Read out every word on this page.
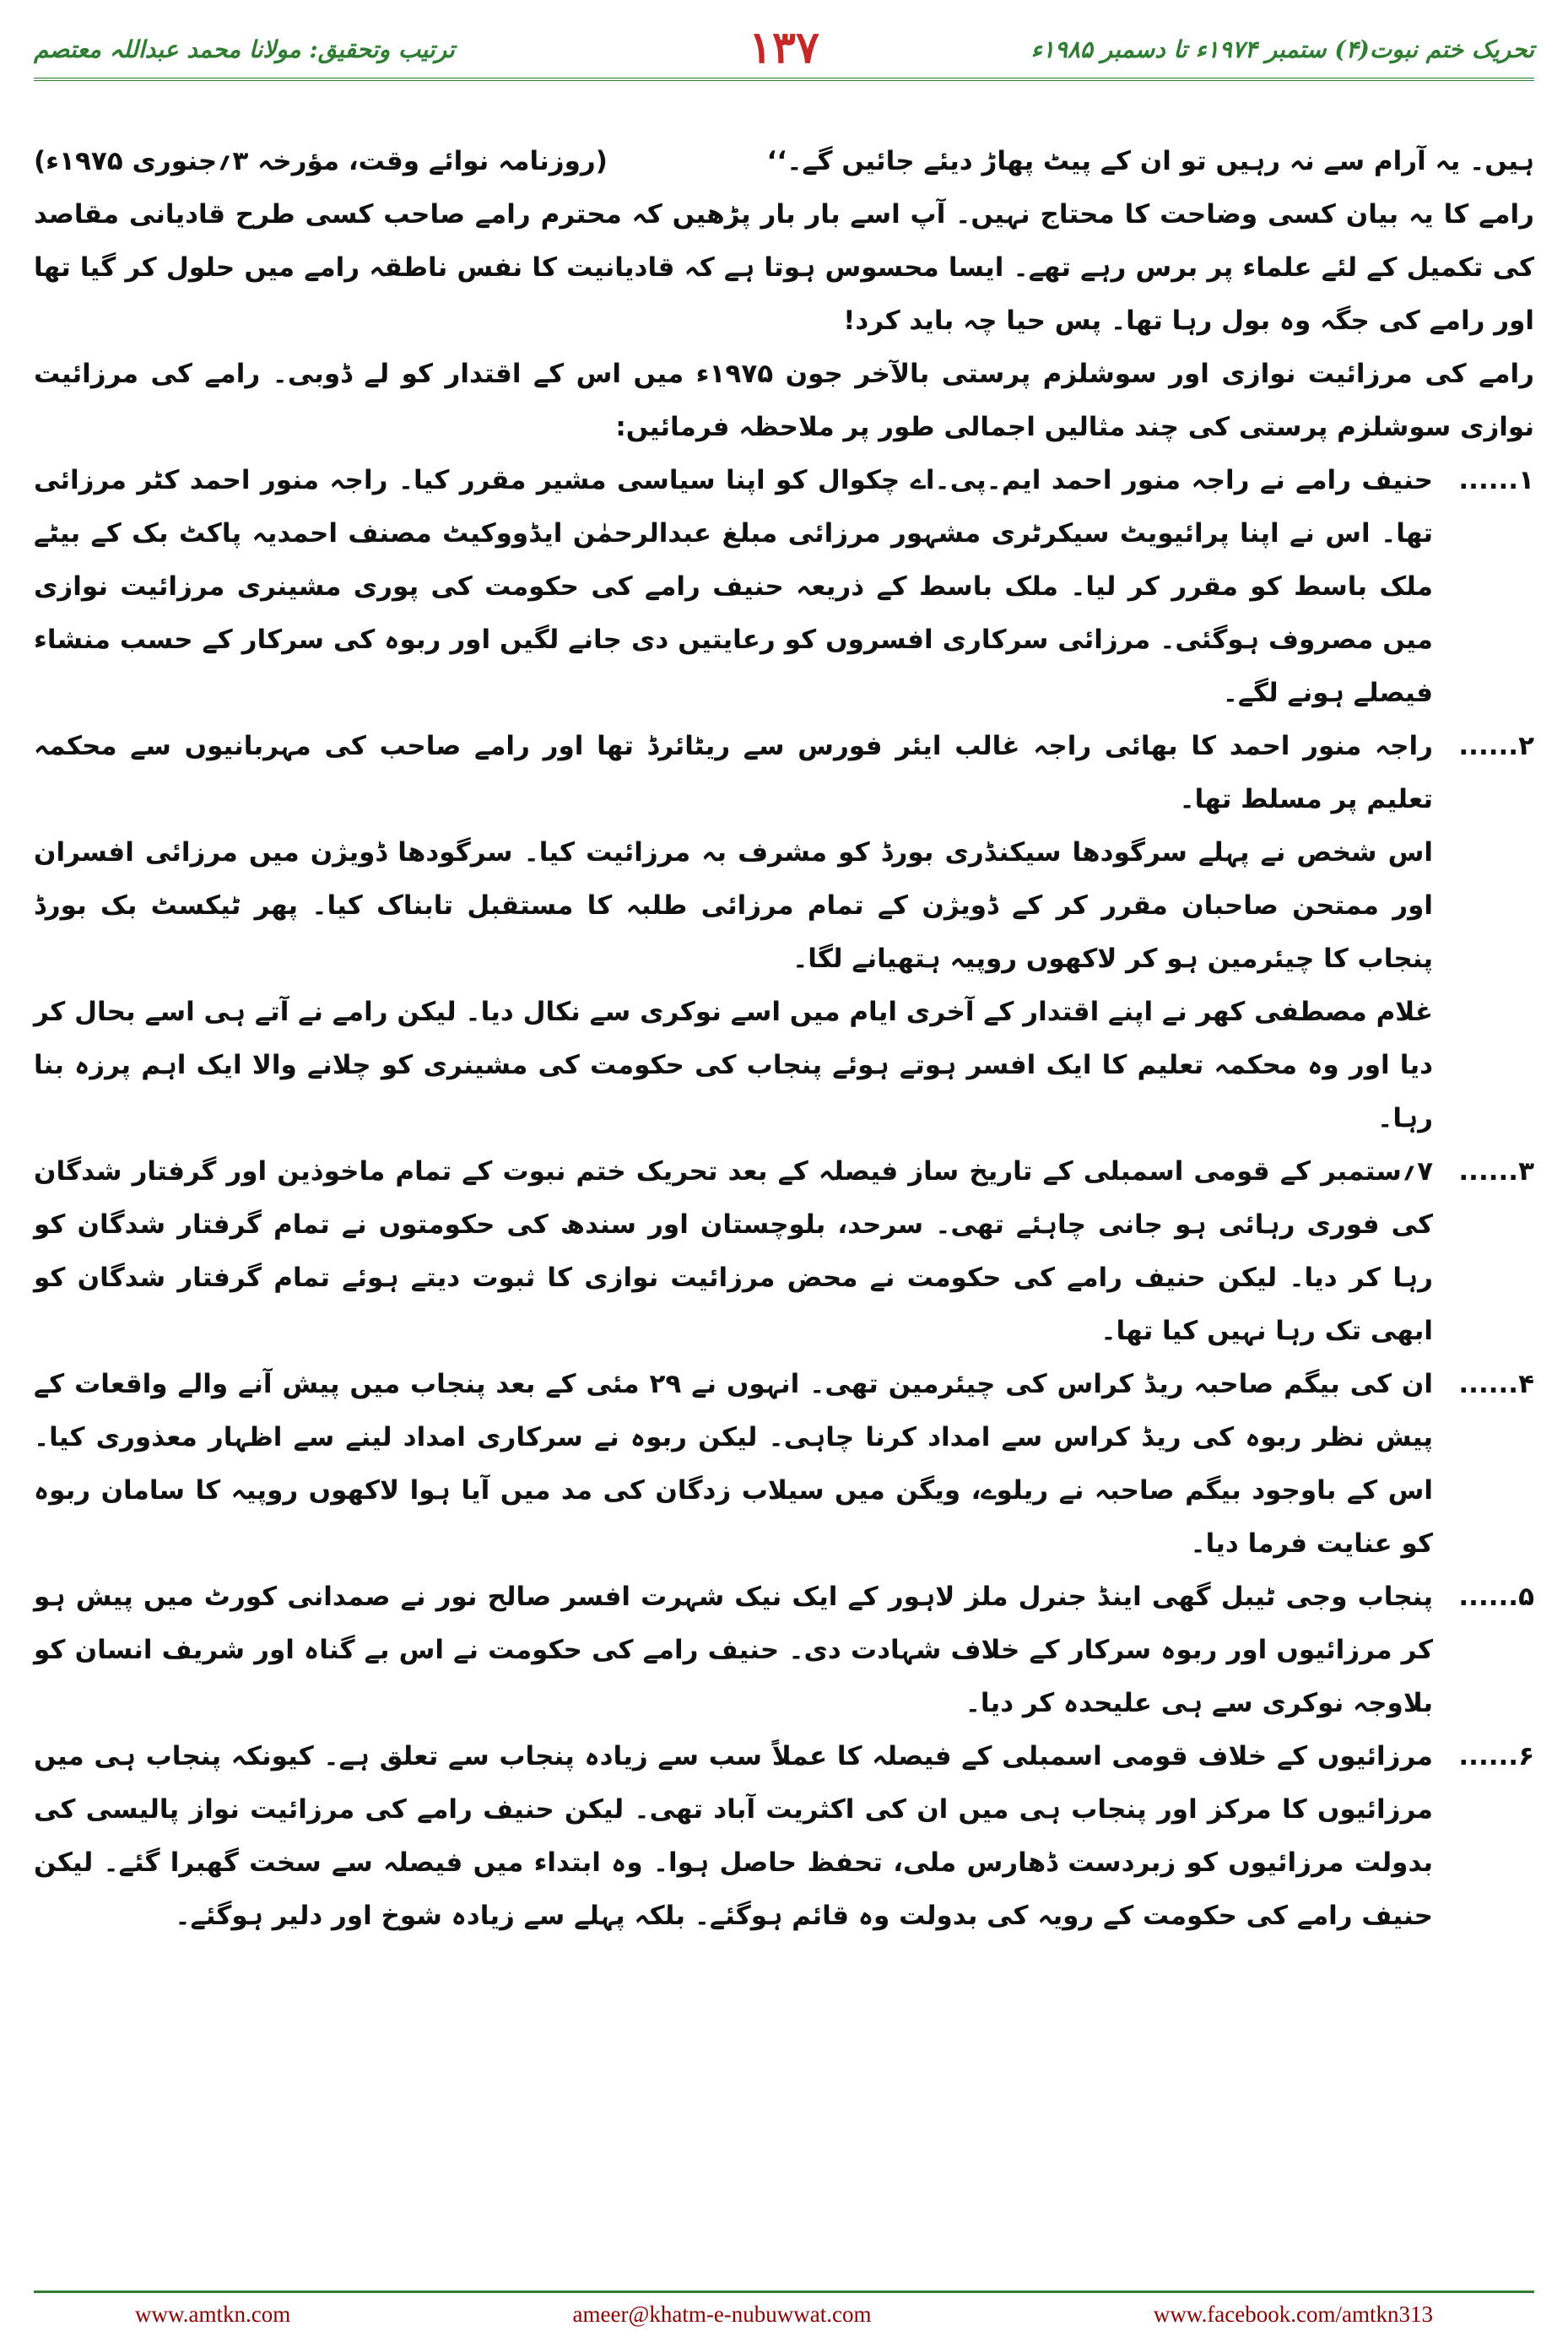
ترتیب وتحقیق: مولانا محمد عبداللہ معتصم	۱۳۷	تحریک ختم نبوت(۴) ستمبر ۱۹۷۴ء تا دسمبر ۱۹۸۵ء
ہیں۔ یہ آرام سے نہ رہیں تو ان کے پیٹ پھاڑ دیئے جائیں گے۔‘‘
(روزنامہ نوائے وقت، مؤرخہ ۳؍جنوری ۱۹۷۵ء)

رامے کا یہ بیان کسی وضاحت کا محتاج نہیں۔ آپ اسے بار بار پڑھیں کہ محترم رامے صاحب کسی طرح قادیانی مقاصد کی تکمیل کے لئے علماء پر برس رہے تھے۔ ایسا محسوس ہوتا ہے کہ قادیانیت کا نفس ناطقہ رامے میں حلول کر گیا تھا اور رامے کی جگہ وہ بول رہا تھا۔ پس حیا چہ باید کرد!

رامے کی مرزائیت نوازی اور سوشلزم پرستی بالآخر جون ۱۹۷۵ء میں اس کے اقتدار کو لے ڈوبی۔ رامے کی مرزائیت نوازی سوشلزم پرستی کی چند مثالیں اجمالی طور پر ملاحظہ فرمائیں:

۱......

حنیف رامے نے راجہ منور احمد ایم۔پی۔اے چکوال کو اپنا سیاسی مشیر مقرر کیا۔ راجہ منور احمد کٹر مرزائی تھا۔ اس نے اپنا پرائیویٹ سیکرٹری مشہور مرزائی مبلغ عبدالرحمٰن ایڈووکیٹ مصنف احمدیہ پاکٹ بک کے بیٹے ملک باسط کو مقرر کر لیا۔ ملک باسط کے ذریعہ حنیف رامے کی حکومت کی پوری مشینری مرزائیت نوازی میں مصروف ہوگئی۔ مرزائی سرکاری افسروں کو رعایتیں دی جانے لگیں اور ربوہ کی سرکار کے حسب منشاء فیصلے ہونے لگے۔

۲......

راجہ منور احمد کا بھائی راجہ غالب ایئر فورس سے ریٹائرڈ تھا اور رامے صاحب کی مہربانیوں سے محکمہ تعلیم پر مسلط تھا۔

اس شخص نے پہلے سرگودھا سیکنڈری بورڈ کو مشرف بہ مرزائیت کیا۔ سرگودھا ڈویژن میں مرزائی افسران اور ممتحن صاحبان مقرر کر کے ڈویژن کے تمام مرزائی طلبہ کا مستقبل تابناک کیا۔ پھر ٹیکسٹ بک بورڈ پنجاب کا چیئرمین ہو کر لاکھوں روپیہ ہتھیانے لگا۔

غلام مصطفی کھر نے اپنے اقتدار کے آخری ایام میں اسے نوکری سے نکال دیا۔ لیکن رامے نے آتے ہی اسے بحال کر دیا اور وہ محکمہ تعلیم کا ایک افسر ہوتے ہوئے پنجاب کی حکومت کی مشینری کو چلانے والا ایک اہم پرزہ بنا رہا۔

۳......

۷؍ستمبر کے قومی اسمبلی کے تاریخ ساز فیصلہ کے بعد تحریک ختم نبوت کے تمام ماخوذین اور گرفتار شدگان کی فوری رہائی ہو جانی چاہئے تھی۔ سرحد، بلوچستان اور سندھ کی حکومتوں نے تمام گرفتار شدگان کو رہا کر دیا۔ لیکن حنیف رامے کی حکومت نے محض مرزائیت نوازی کا ثبوت دیتے ہوئے تمام گرفتار شدگان کو ابھی تک رہا نہیں کیا تھا۔

۴......

ان کی بیگم صاحبہ ریڈ کراس کی چیئرمین تھی۔ انہوں نے ۲۹ مئی کے بعد پنجاب میں پیش آنے والے واقعات کے پیش نظر ربوہ کی ریڈ کراس سے امداد کرنا چاہی۔ لیکن ربوہ نے سرکاری امداد لینے سے اظہار معذوری کیا۔ اس کے باوجود بیگم صاحبہ نے ریلوے، ویگن میں سیلاب زدگان کی مد میں آیا ہوا لاکھوں روپیہ کا سامان ربوہ کو عنایت فرما دیا۔

۵......

پنجاب وجی ٹیبل گھی اینڈ جنرل ملز لاہور کے ایک نیک شہرت افسر صالح نور نے صمدانی کورٹ میں پیش ہو کر مرزائیوں اور ربوہ سرکار کے خلاف شہادت دی۔ حنیف رامے کی حکومت نے اس بے گناہ اور شریف انسان کو بلاوجہ نوکری سے ہی علیحدہ کر دیا۔

۶......

مرزائیوں کے خلاف قومی اسمبلی کے فیصلہ کا عملاً سب سے زیادہ پنجاب سے تعلق ہے۔ کیونکہ پنجاب ہی میں مرزائیوں کا مرکز اور پنجاب ہی میں ان کی اکثریت آباد تھی۔ لیکن حنیف رامے کی مرزائیت نواز پالیسی کی بدولت مرزائیوں کو زبردست ڈھارس ملی، تحفظ حاصل ہوا۔ وہ ابتداء میں فیصلہ سے سخت گھبرا گئے۔ لیکن حنیف رامے کی حکومت کے رویہ کی بدولت وہ قائم ہوگئے۔ بلکہ پہلے سے زیادہ شوخ اور دلیر ہوگئے۔

www.amtkn.com	ameer@khatm-e-nubuwwat.com	www.facebook.com/amtkn313
